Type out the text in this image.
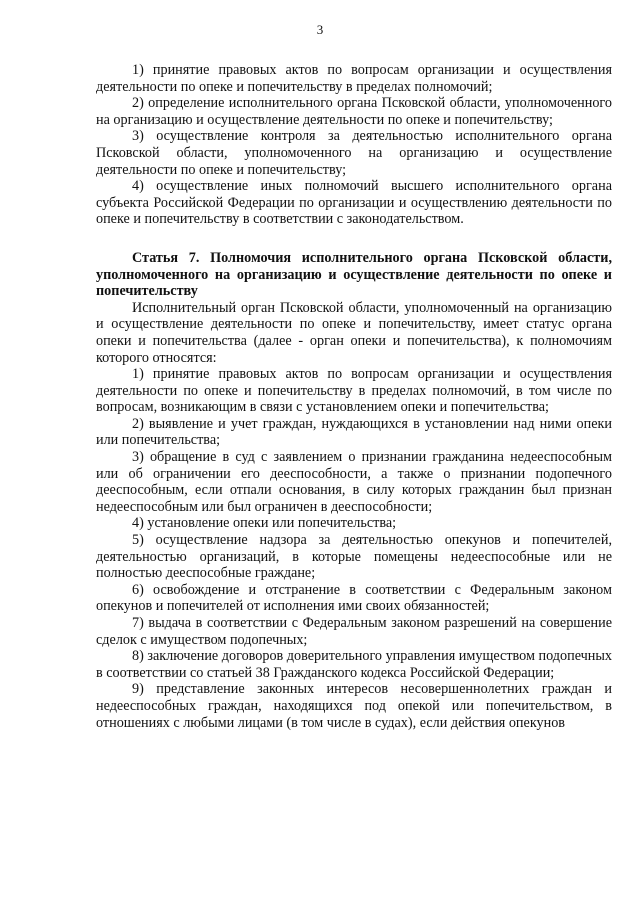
3

1) принятие правовых актов по вопросам организации и осуществления деятельности по опеке и попечительству в пределах полномочий;

2) определение исполнительного органа Псковской области, уполномоченного на организацию и осуществление деятельности по опеке и попечительству;

3) осуществление контроля за деятельностью исполнительного органа Псковской области, уполномоченного на организацию и осуществление деятельности по опеке и попечительству;

4) осуществление иных полномочий высшего исполнительного органа субъекта Российской Федерации по организации и осуществлению деятельности по опеке и попечительству в соответствии с законодательством.

Статья 7. Полномочия исполнительного органа Псковской области, уполномоченного на организацию и осуществление деятельности по опеке и попечительству

Исполнительный орган Псковской области, уполномоченный на организацию и осуществление деятельности по опеке и попечительству, имеет статус органа опеки и попечительства (далее - орган опеки и попечительства), к полномочиям которого относятся:

1) принятие правовых актов по вопросам организации и осуществления деятельности по опеке и попечительству в пределах полномочий, в том числе по вопросам, возникающим в связи с установлением опеки и попечительства;

2) выявление и учет граждан, нуждающихся в установлении над ними опеки или попечительства;

3) обращение в суд с заявлением о признании гражданина недееспособным или об ограничении его дееспособности, а также о признании подопечного дееспособным, если отпали основания, в силу которых гражданин был признан недееспособным или был ограничен в дееспособности;

4) установление опеки или попечительства;

5) осуществление надзора за деятельностью опекунов и попечителей, деятельностью организаций, в которые помещены недееспособные или не полностью дееспособные граждане;

6) освобождение и отстранение в соответствии с Федеральным законом опекунов и попечителей от исполнения ими своих обязанностей;

7) выдача в соответствии с Федеральным законом разрешений на совершение сделок с имуществом подопечных;

8) заключение договоров доверительного управления имуществом подопечных в соответствии со статьей 38 Гражданского кодекса Российской Федерации;

9) представление законных интересов несовершеннолетних граждан и недееспособных граждан, находящихся под опекой или попечительством, в отношениях с любыми лицами (в том числе в судах), если действия опекунов
